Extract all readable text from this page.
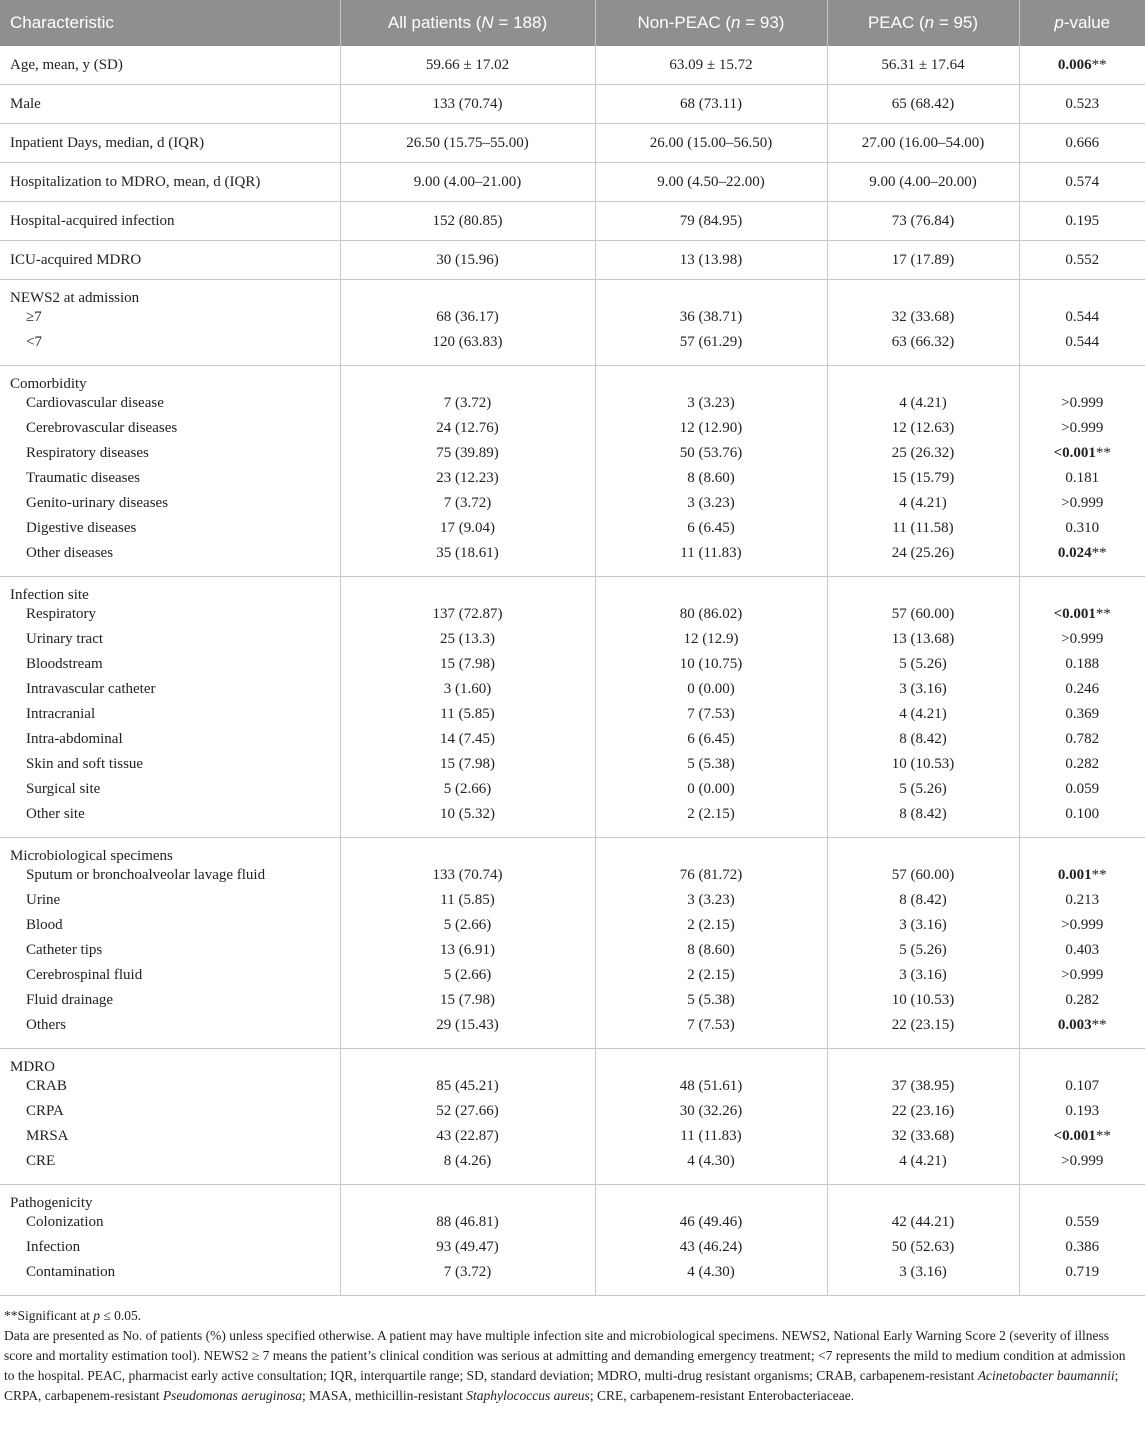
Characteristic	All patients (N = 188)	Non-PEAC (n = 93)	PEAC (n = 95)	p-value
Age, mean, y (SD)	59.66 ± 17.02	63.09 ± 15.72	56.31 ± 17.64	0.006**
Male	133 (70.74)	68 (73.11)	65 (68.42)	0.523
Inpatient Days, median, d (IQR)	26.50 (15.75–55.00)	26.00 (15.00–56.50)	27.00 (16.00–54.00)	0.666
Hospitalization to MDRO, mean, d (IQR)	9.00 (4.00–21.00)	9.00 (4.50–22.00)	9.00 (4.00–20.00)	0.574
Hospital-acquired infection	152 (80.85)	79 (84.95)	73 (76.84)	0.195
ICU-acquired MDRO	30 (15.96)	13 (13.98)	17 (17.89)	0.552
NEWS2 at admission				
≥7	68 (36.17)	36 (38.71)	32 (33.68)	0.544
<7	120 (63.83)	57 (61.29)	63 (66.32)	0.544
Comorbidity				
Cardiovascular disease	7 (3.72)	3 (3.23)	4 (4.21)	>0.999
Cerebrovascular diseases	24 (12.76)	12 (12.90)	12 (12.63)	>0.999
Respiratory diseases	75 (39.89)	50 (53.76)	25 (26.32)	<0.001**
Traumatic diseases	23 (12.23)	8 (8.60)	15 (15.79)	0.181
Genito-urinary diseases	7 (3.72)	3 (3.23)	4 (4.21)	>0.999
Digestive diseases	17 (9.04)	6 (6.45)	11 (11.58)	0.310
Other diseases	35 (18.61)	11 (11.83)	24 (25.26)	0.024**
Infection site				
Respiratory	137 (72.87)	80 (86.02)	57 (60.00)	<0.001**
Urinary tract	25 (13.3)	12 (12.9)	13 (13.68)	>0.999
Bloodstream	15 (7.98)	10 (10.75)	5 (5.26)	0.188
Intravascular catheter	3 (1.60)	0 (0.00)	3 (3.16)	0.246
Intracranial	11 (5.85)	7 (7.53)	4 (4.21)	0.369
Intra-abdominal	14 (7.45)	6 (6.45)	8 (8.42)	0.782
Skin and soft tissue	15 (7.98)	5 (5.38)	10 (10.53)	0.282
Surgical site	5 (2.66)	0 (0.00)	5 (5.26)	0.059
Other site	10 (5.32)	2 (2.15)	8 (8.42)	0.100
Microbiological specimens				
Sputum or bronchoalveolar lavage fluid	133 (70.74)	76 (81.72)	57 (60.00)	0.001**
Urine	11 (5.85)	3 (3.23)	8 (8.42)	0.213
Blood	5 (2.66)	2 (2.15)	3 (3.16)	>0.999
Catheter tips	13 (6.91)	8 (8.60)	5 (5.26)	0.403
Cerebrospinal fluid	5 (2.66)	2 (2.15)	3 (3.16)	>0.999
Fluid drainage	15 (7.98)	5 (5.38)	10 (10.53)	0.282
Others	29 (15.43)	7 (7.53)	22 (23.15)	0.003**
MDRO				
CRAB	85 (45.21)	48 (51.61)	37 (38.95)	0.107
CRPA	52 (27.66)	30 (32.26)	22 (23.16)	0.193
MRSA	43 (22.87)	11 (11.83)	32 (33.68)	<0.001**
CRE	8 (4.26)	4 (4.30)	4 (4.21)	>0.999
Pathogenicity				
Colonization	88 (46.81)	46 (49.46)	42 (44.21)	0.559
Infection	93 (49.47)	43 (46.24)	50 (52.63)	0.386
Contamination	7 (3.72)	4 (4.30)	3 (3.16)	0.719

**Significant at p ≤ 0.05.

Data are presented as No. of patients (%) unless specified otherwise. A patient may have multiple infection site and microbiological specimens. NEWS2, National Early Warning Score 2 (severity of illness score and mortality estimation tool). NEWS2 ≥ 7 means the patient’s clinical condition was serious at admitting and demanding emergency treatment; <7 represents the mild to medium condition at admission to the hospital. PEAC, pharmacist early active consultation; IQR, interquartile range; SD, standard deviation; MDRO, multi-drug resistant organisms; CRAB, carbapenem-resistant Acinetobacter baumannii; CRPA, carbapenem-resistant Pseudomonas aeruginosa; MASA, methicillin-resistant Staphylococcus aureus; CRE, carbapenem-resistant Enterobacteriaceae.
